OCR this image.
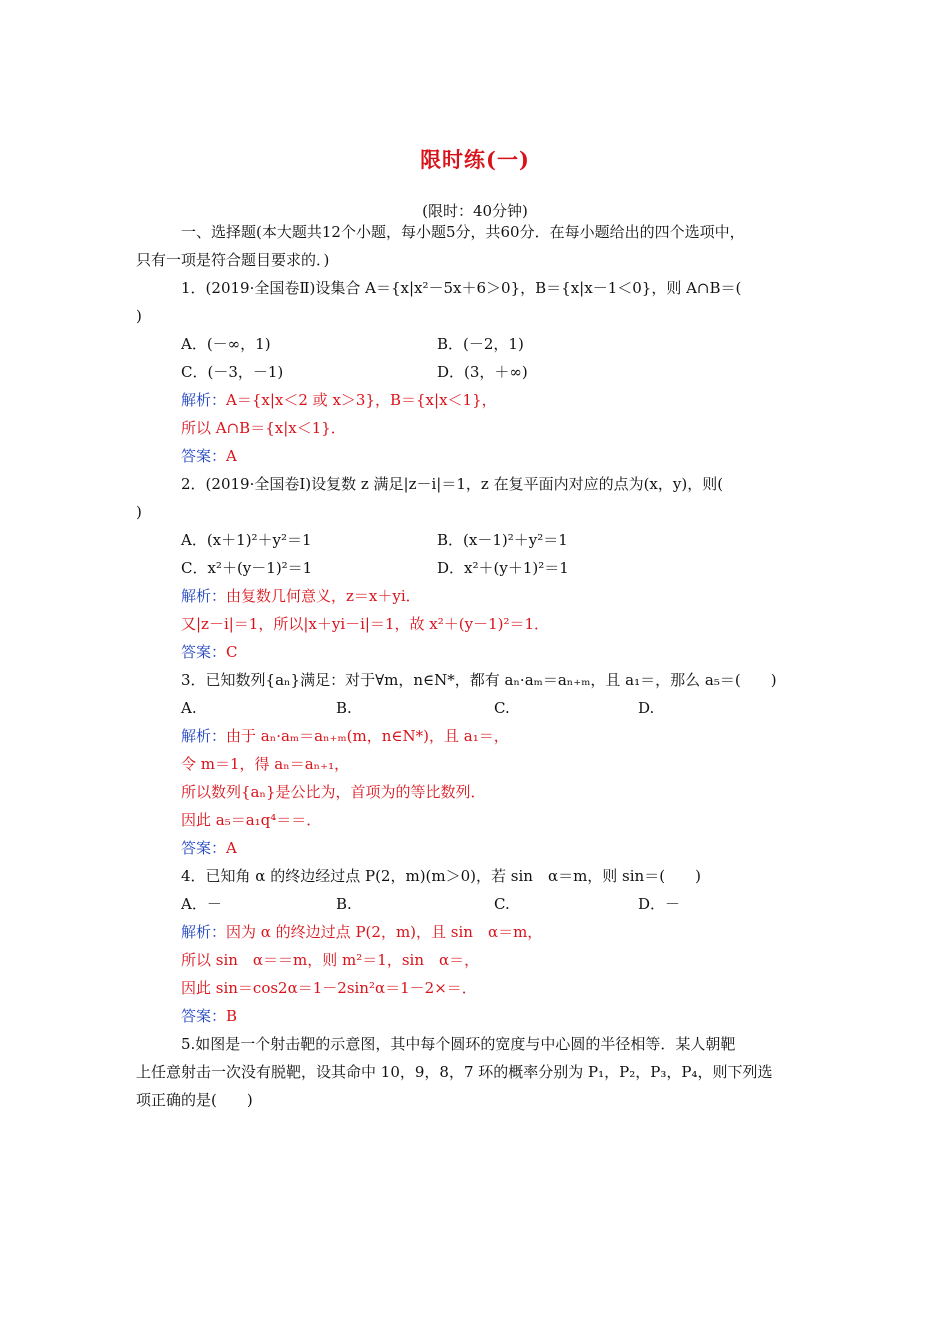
限时练(一)
(限时：40分钟)
一、选择题(本大题共12个小题，每小题5分，共60分．在每小题给出的四个选项中，
只有一项是符合题目要求的．)
1．(2019·全国卷Ⅱ)设集合 A＝{x|x²－5x＋6＞0}，B＝{x|x－1＜0}，则 A∩B＝(
)
A．(－∞，1)	B．(－2，1)
C．(－3，－1)	D．(3，＋∞)
解析：A＝{x|x＜2 或 x＞3}，B＝{x|x＜1}，
所以 A∩B＝{x|x＜1}．
答案：A
2．(2019·全国卷Ⅰ)设复数 z 满足|z－i|＝1，z 在复平面内对应的点为(x，y)，则(
)
A．(x＋1)²＋y²＝1	B．(x－1)²＋y²＝1
C．x²＋(y－1)²＝1	D．x²＋(y＋1)²＝1
解析：由复数几何意义，z＝x＋yi．
又|z－i|＝1，所以|x＋yi－i|＝1，故 x²＋(y－1)²＝1．
答案：C
3．已知数列{aₙ}满足：对于∀m，n∈N*，都有 aₙ·aₘ＝aₙ₊ₘ，且 a₁＝，那么 a₅＝(　　)
A.	B.	C.	D.
解析：由于 aₙ·aₘ＝aₙ₊ₘ(m，n∈N*)，且 a₁＝，
令 m＝1，得 aₙ＝aₙ₊₁，
所以数列{aₙ}是公比为，首项为的等比数列．
因此 a₅＝a₁q⁴＝＝．
答案：A
4．已知角 α 的终边经过点 P(2，m)(m＞0)，若 sin　α＝m，则 sin＝(　　)
A．－	B.	C.	D．－
解析：因为 α 的终边过点 P(2，m)，且 sin　α＝m，
所以 sin　α＝＝m，则 m²＝1，sin　α＝，
因此 sin＝cos2α＝1－2sin²α＝1－2×＝．
答案：B
5.如图是一个射击靶的示意图，其中每个圆环的宽度与中心圆的半径相等．某人朝靶
上任意射击一次没有脱靶，设其命中 10，9，8，7 环的概率分别为 P₁，P₂，P₃，P₄，则下列选
项正确的是(　　)
